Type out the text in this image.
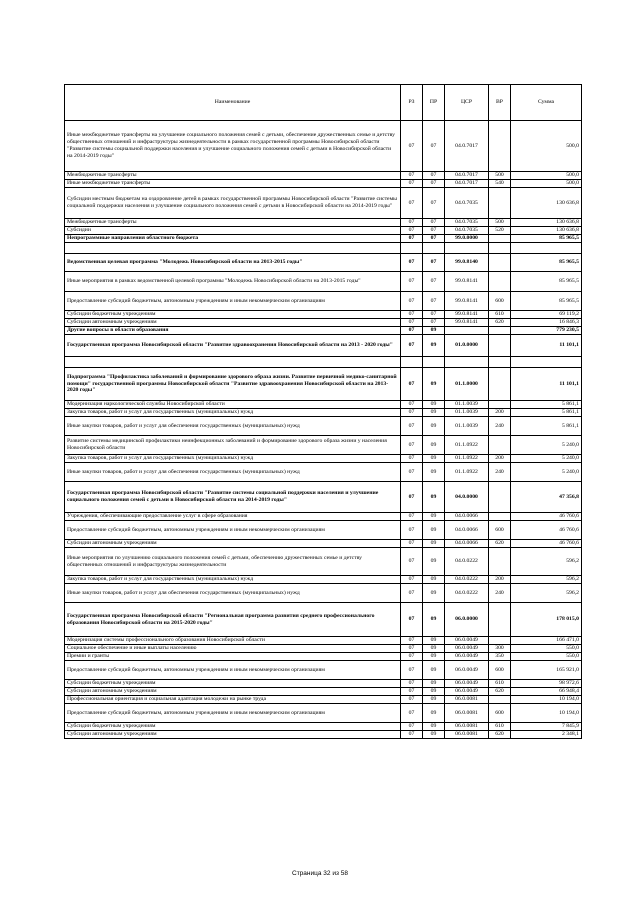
Наименование	РЗ	ПР	ЦСР	ВР	Сумма
Иные межбюджетные трансферты на улучшение социального положения семей с детьми, обеспечение дружественных семье и детству общественных отношений и инфраструктуры жизнедеятельности в рамках государственной программы Новосибирской области "Развитие системы социальной поддержки населения и улучшение социального положения семей с детьми в Новосибирской области на 2014-2019 годы"	07	07	04.0.7017		500,0
Межбюджетные трансферты	07	07	04.0.7017	500	500,0
Иные межбюджетные трансферты	07	07	04.0.7017	540	500,0
Субсидии местным бюджетам на оздоровление детей в рамках государственной программы Новосибирской области "Развитие системы социальной поддержки населения и улучшение социального положения семей с детьми в Новосибирской области на 2014-2019 годы"	07	07	04.0.7035		130 636,8
Межбюджетные трансферты	07	07	04.0.7035	500	130 636,8
Субсидии	07	07	04.0.7035	520	130 636,8
Непрограммные направления областного бюджета	07	07	99.0.0000		85 965,5

Ведомственная целевая программа "Молодежь Новосибирской области на 2013-2015 годы"	07	07	99.0.8140		85 965,5
Иные мероприятия в рамках ведомственной целевой программы "Молодежь Новосибирской области на 2013-2015 годы"	07	07	99.0.8141		85 965,5
Предоставление субсидий бюджетным, автономным учреждениям и иным некоммерческим организациям	07	07	99.0.8141	600	85 965,5
Субсидии бюджетным учреждениям	07	07	99.0.8141	610	69 119,2
Субсидии автономным учреждениям	07	07	99.0.8141	620	16 846,3
Другие вопросы в области образования	07	09			779 230,5
Государственная программа Новосибирской области "Развитие здравоохранения Новосибирской области на 2013 - 2020 годы"	07	09	01.0.0000		11 101,1

Подпрограмма "Профилактика заболеваний и формирование здорового образа жизни. Развитие первичной медико-санитарной помощи" государственной программы Новосибирской области "Развитие здравоохранения Новосибирской области на 2013-2020 годы"	07	09	01.1.0000		11 101,1
Модернизация наркологической службы Новосибирской области	07	09	01.1.0039		5 861,1
Закупка товаров, работ и услуг для государственных (муниципальных) нужд	07	09	01.1.0039	200	5 861,1
Иные закупки товаров, работ и услуг для обеспечения государственных (муниципальных) нужд	07	09	01.1.0039	240	5 861,1
Развитие системы медицинской профилактики неинфекционных заболеваний и формирование здорового образа жизни у населения Новосибирской области	07	09	01.1.0922		5 240,0
Закупка товаров, работ и услуг для государственных (муниципальных) нужд	07	09	01.1.0922	200	5 240,0
Иные закупки товаров, работ и услуг для обеспечения государственных (муниципальных) нужд	07	09	01.1.0922	240	5 240,0
Государственная программа Новосибирской области "Развитие системы социальной поддержки населения и улучшение социального положения семей с детьми в Новосибирской области на 2014-2019 годы"	07	09	04.0.0000		47 356,8
Учреждения, обеспечивающие предоставление услуг в сфере образования	07	09	04.0.0066		46 760,6
Предоставление субсидий бюджетным, автономным учреждениям и иным некоммерческим организациям	07	09	04.0.0066	600	46 760,6
Субсидии автономным учреждениям	07	09	04.0.0066	620	46 760,6
Иные мероприятия по улучшению социального положения семей с детьми, обеспечению дружественных семье и детству общественных отношений и инфраструктуры жизнедеятельности	07	09	04.0.0222		596,2
Закупка товаров, работ и услуг для государственных (муниципальных) нужд	07	09	04.0.0222	200	596,2
Иные закупки товаров, работ и услуг для обеспечения государственных (муниципальных) нужд	07	09	04.0.0222	240	596,2
Государственная программа Новосибирской области "Региональная программа развития среднего профессионального образования Новосибирской области на 2015-2020 годы"	07	09	06.0.0000		178 015,0
Модернизация системы профессионального образования Новосибирской области	07	09	06.0.0049		166 471,0
Социальное обеспечение и иные выплаты населению	07	09	06.0.0049	300	550,0
Премии и гранты	07	09	06.0.0049	350	550,0
Предоставление субсидий бюджетным, автономным учреждениям и иным некоммерческим организациям	07	09	06.0.0049	600	165 921,0
Субсидии бюджетным учреждениям	07	09	06.0.0049	610	98 972,6
Субсидии автономным учреждениям	07	09	06.0.0049	620	66 948,4
Профессиональная ориентация и социальная адаптация молодежи на рынке труда	07	09	06.0.0081		10 194,0
Предоставление субсидий бюджетным, автономным учреждениям и иным некоммерческим организациям	07	09	06.0.0081	600	10 194,0
Субсидии бюджетным учреждениям	07	09	06.0.0081	610	7 845,9
Субсидии автономным учреждениям	07	09	06.0.0081	620	2 348,1
Страница 32 из 58
